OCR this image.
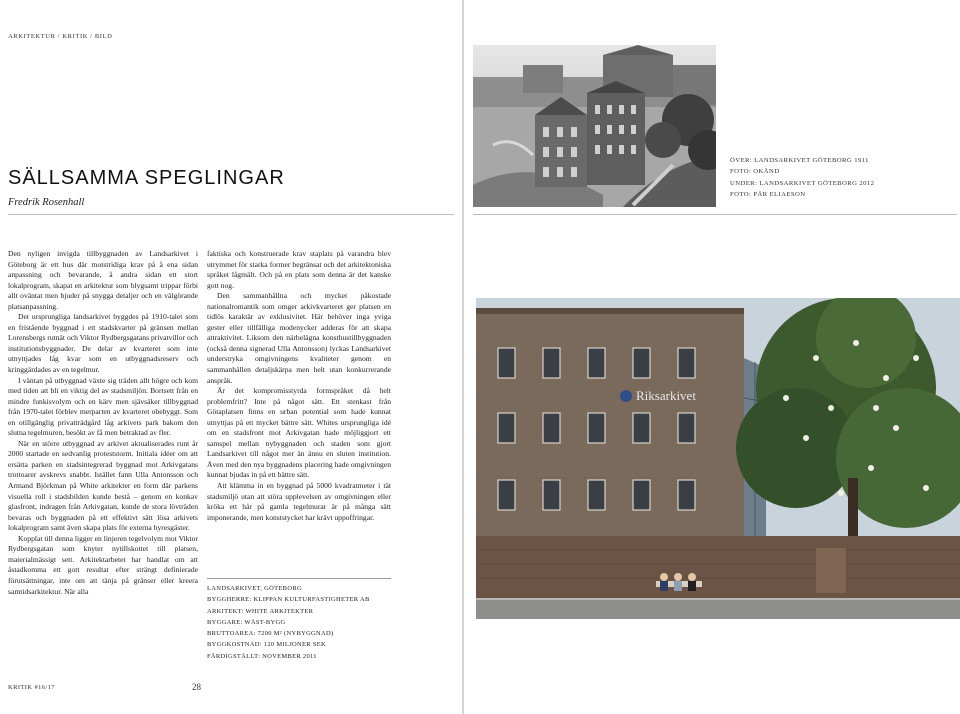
ARKITEKTUR / KRITIK / BILD
SÄLLSAMMA SPEGLINGAR
Fredrik Rosenhall

Den nyligen invigda tillbyggnaden av Landsarkivet i Göteborg är ett hus där motstridiga krav på å ena sidan anpassning och bevarande, å andra sidan ett stort lokalprogram, skapat en arkitektur som blygsamt trippar förbi allt oväntat men bjuder på snygga detaljer och en välgörande platsanpassning.

Det ursprungliga landsarkivet byggdes på 1910-talet som en fristående byggnad i ett stadskvarter på gränsen mellan Lorensbergs rutnät och Viktor Rydbergsgatans privatvillor och institutionsbyggnader. De delar av kvarteret som inte utnyttjades låg kvar som en utbyggnadsreserv och kringgärdades av en tegelmur.

I väntan på utbyggnad växte sig träden allt högre och kom med tiden att bli en viktig del av stadsmiljön. Bortsett från en mindre funkisvolym och en kärv men sjävsäker tillbyggnad från 1970-talet förblev merparten av kvarteret obebyggt. Som en otillgänglig privatträdgård låg arkivets park bakom den slutna tegelmuren, besökt av få men betraktad av fler.

När en större utbyggnad av arkivet aktualiserades runt år 2000 startade en sedvanlig proteststorm. Initiala idéer om att ersätta parken en stadsintegrerad byggnad mot Arkivgatans trottoarer avskrevs snabbt. Istället fann Ulla Antonsson och Armand Björkman på White arkitekter en form där parkens visuella roll i stadsbilden kunde bestå – genom en konkav glasfront, indragen från Arkivgatan, kunde de stora lövträden bevaras och byggnaden på ett effektivt sätt lösa arkivets lokalprogram samt även skapa plats för externa hyresgäster.

Kopplat till denna ligger en linjeren tegelvolym mot Viktor Rydbergsgatan som knyter nytillskottet till platsen, materialmässigt sett. Arkitektarbetet har handlat om att åstadkomma ett gott resultat efter strängt definierade förutsättningar, inte om att tänja på gränser eller kreera samtidsarkitektur. När alla

faktiska och konstruerade krav staplats på varandra blev utrymmet för starka former begränsat och det arkitektoniska språket lågmält. Och på en plats som denna är det kanske gott nog.

Den sammanhållna och mycket påkostade nationalromantik som omger arkivkvarteret ger platsen en tidlös karaktär av exklusivitet. Här behöver inga yviga gester eller tillfälliga modenycker adderas för att skapa attraktivitet. Liksom den närbelägna konsthustillbyggnaden (också denna signerad Ulla Antonsson) lyckas Landsarkivet understryka omgivningens kvaliteter genom en sammanhållen detaljskärpa men helt utan konkurrerande anspråk.

Är det kompromisstyrda formspråket då helt problemfritt? Inte på något sätt. Ett stenkast från Götaplatsen finns en urban potential som hade kunnat utnyttjas på ett mycket bättre sätt. Whites ursprungliga idé om en stadsfront mot Arkivgatan hade möjliggjort ett samspel mellan nybyggnaden och staden som gjort Landsarkivet till något mer än ännu en sluten institution. Även med den nya byggnadens placering hade omgivningen kunnat bjudas in på ett bättre sätt.

Att klämma in en byggnad på 5000 kvadratmeter i tät stadsmiljö utan att störa upplevelsen av omgivningen eller kröka ett hår på gamla tegelmurar är på många sätt imponerande, men konststycket har krävt uppoffringar.

LANDSARKIVET, GÖTEBORG
BYGGHERRE: KLIPPAN KULTURFASTIGHETER AB
ARKITEKT: WHITE ARKITEKTER
BYGGARE: WÄST-BYGG
BRUTTOAREA: 7200 M² (NYBYGGNAD)
BYGGKOSTNAD: 120 MILJONER SEK
FÄRDIGSTÄLLT: NOVEMBER 2011
KRITIK #16/17	28
ÖVER: LANDSARKIVET GÖTEBORG 1911
FOTO: OKÄND
UNDER: LANDSARKIVET GÖTEBORG 2012
FOTO: PÄR ELIAESON
Riksarkivet
